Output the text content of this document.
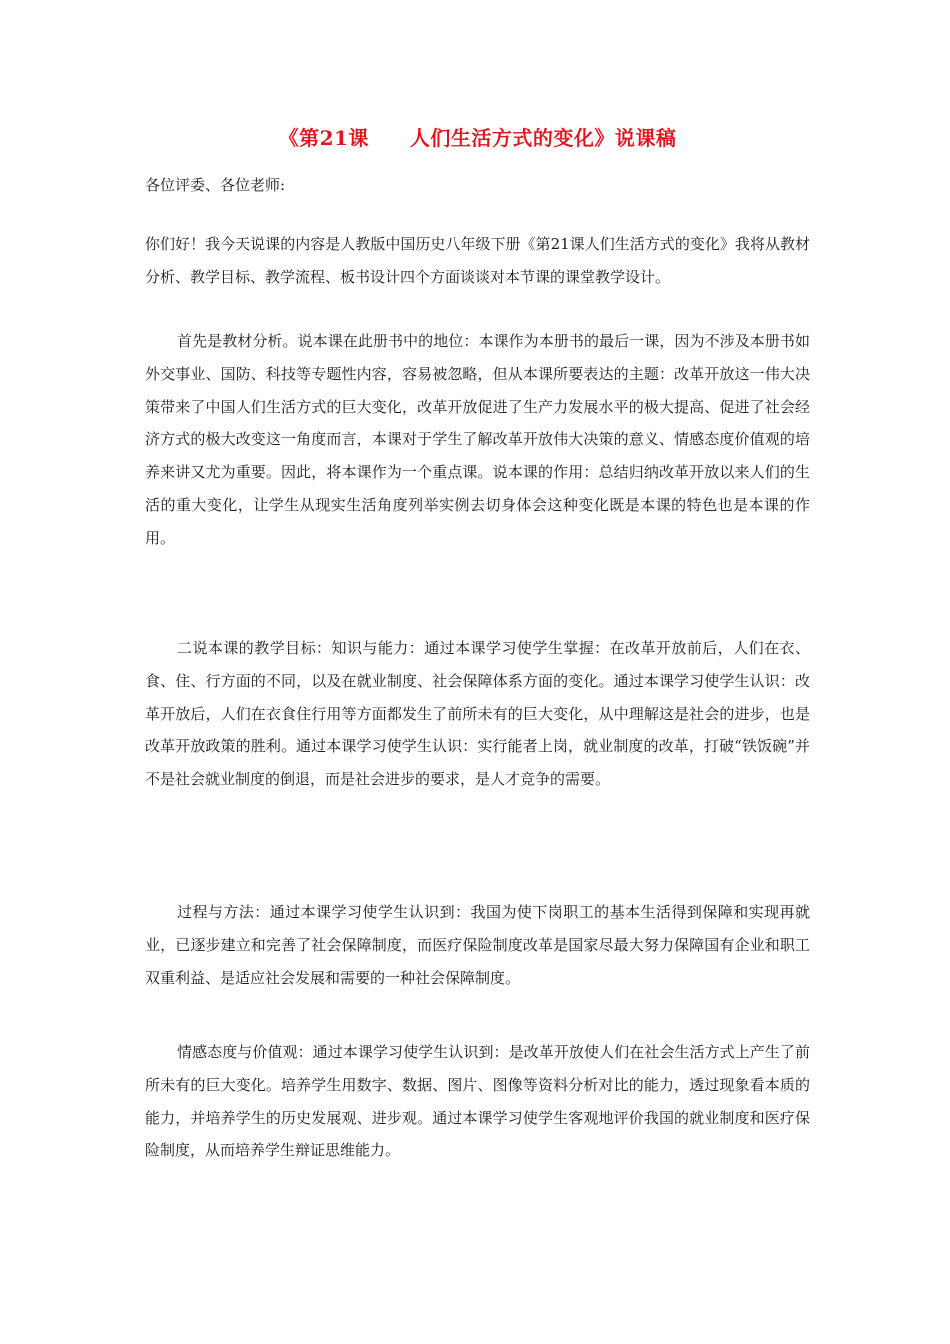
《第21课　　人们生活方式的变化》说课稿

各位评委、各位老师:

你们好！我今天说课的内容是人教版中国历史八年级下册《第21课人们生活方式的变化》我将从教材分析、教学目标、教学流程、板书设计四个方面谈谈对本节课的课堂教学设计。

首先是教材分析。说本课在此册书中的地位：本课作为本册书的最后一课，因为不涉及本册书如外交事业、国防、科技等专题性内容，容易被忽略，但从本课所要表达的主题：改革开放这一伟大决策带来了中国人们生活方式的巨大变化，改革开放促进了生产力发展水平的极大提高、促进了社会经济方式的极大改变这一角度而言，本课对于学生了解改革开放伟大决策的意义、情感态度价值观的培养来讲又尤为重要。因此，将本课作为一个重点课。说本课的作用：总结归纳改革开放以来人们的生活的重大变化，让学生从现实生活角度列举实例去切身体会这种变化既是本课的特色也是本课的作用。

二说本课的教学目标：知识与能力：通过本课学习使学生掌握：在改革开放前后，人们在衣、食、住、行方面的不同，以及在就业制度、社会保障体系方面的变化。通过本课学习使学生认识：改革开放后，人们在衣食住行用等方面都发生了前所未有的巨大变化，从中理解这是社会的进步，也是改革开放政策的胜利。通过本课学习使学生认识：实行能者上岗，就业制度的改革，打破“铁饭碗”并不是社会就业制度的倒退，而是社会进步的要求，是人才竞争的需要。

过程与方法：通过本课学习使学生认识到：我国为使下岗职工的基本生活得到保障和实现再就业，已逐步建立和完善了社会保障制度，而医疗保险制度改革是国家尽最大努力保障国有企业和职工双重利益、是适应社会发展和需要的一种社会保障制度。

情感态度与价值观：通过本课学习使学生认识到：是改革开放使人们在社会生活方式上产生了前所未有的巨大变化。培养学生用数字、数据、图片、图像等资料分析对比的能力，透过现象看本质的能力，并培养学生的历史发展观、进步观。通过本课学习使学生客观地评价我国的就业制度和医疗保险制度，从而培养学生辩证思维能力。
